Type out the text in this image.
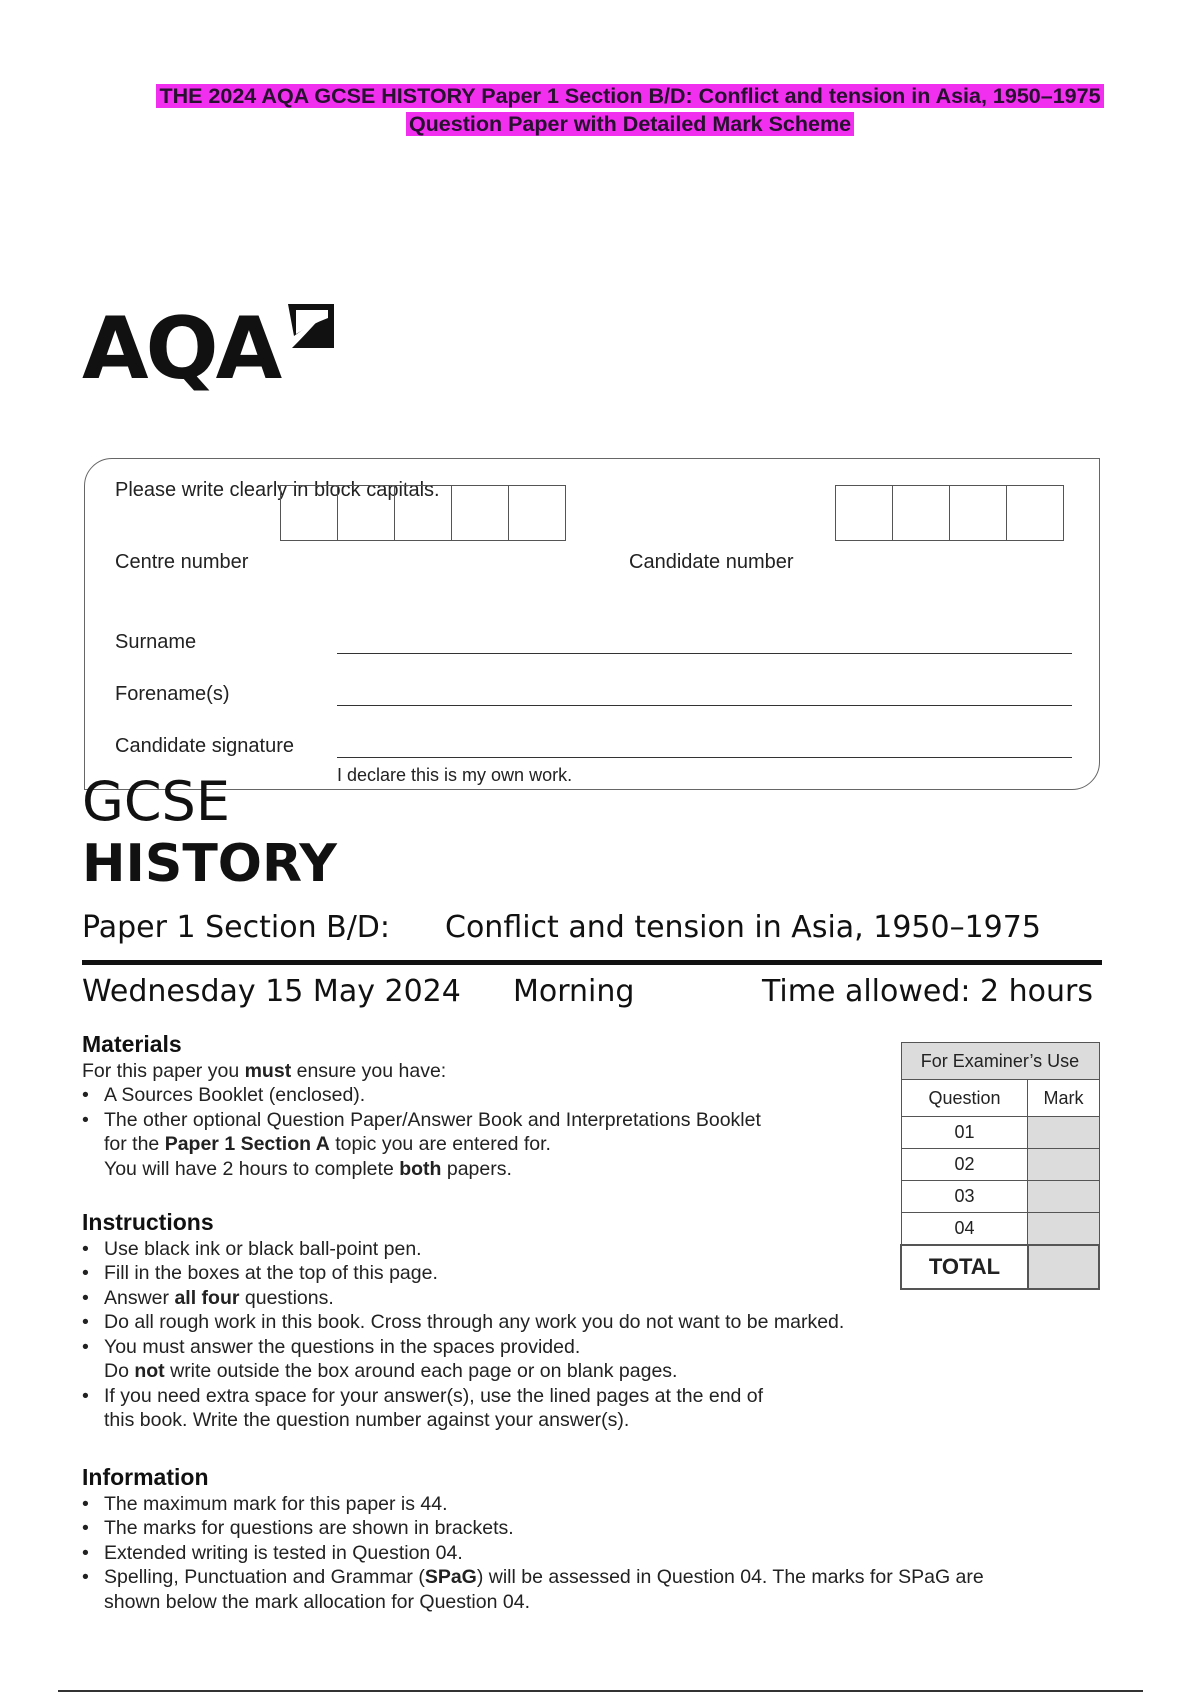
THE 2024 AQA GCSE HISTORY Paper 1 Section B/D: Conflict and tension in Asia, 1950–1975
Question Paper with Detailed Mark Scheme
AQA
Please write clearly in block capitals.
Centre number	Candidate number
Surname
Forename(s)
Candidate signature
I declare this is my own work.
GCSE
HISTORY
Paper 1 Section B/D: Conflict and tension in Asia, 1950–1975
Wednesday 15 May 2024 Morning	Time allowed: 2 hours
Materials
For this paper you must ensure you have:
• A Sources Booklet (enclosed).
• The other optional Question Paper/Answer Book and Interpretations Booklet
for the Paper 1 Section A topic you are entered for.
You will have 2 hours to complete both papers.
Instructions
• Use black ink or black ball-point pen.
• Fill in the boxes at the top of this page.
• Answer all four questions.
• Do all rough work in this book. Cross through any work you do not want to be marked.
• You must answer the questions in the spaces provided.
Do not write outside the box around each page or on blank pages.
• If you need extra space for your answer(s), use the lined pages at the end of
this book. Write the question number against your answer(s).
Information
• The maximum mark for this paper is 44.
• The marks for questions are shown in brackets.
• Extended writing is tested in Question 04.
• Spelling, Punctuation and Grammar (SPaG) will be assessed in Question 04. The marks for SPaG are
shown below the mark allocation for Question 04.
For Examiner’s Use	
Question	Mark
01	
02	
03	
04	
TOTAL	
